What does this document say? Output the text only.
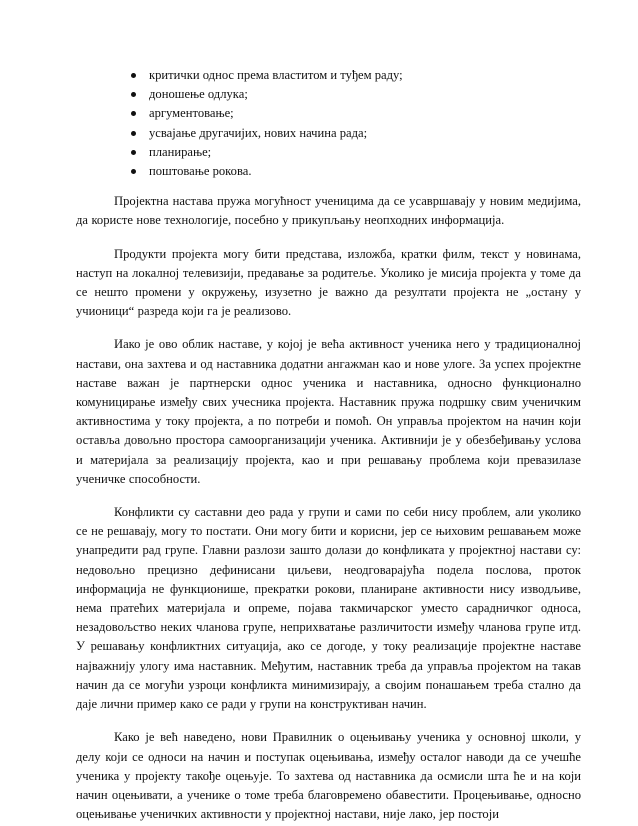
критички однос према властитом и туђем раду;
доношење одлука;
аргументовање;
усвајање другачијих, нових начина рада;
планирање;
поштовање рокова.

Пројектна настава пружа могућност ученицима да се усавршавају у новим медијима, да користе нове технологије, посебно у прикупљању неопходних информација.

Продукти пројекта могу бити представа, изложба, кратки филм, текст у новинама, наступ на локалној телевизији, предавање за родитеље. Уколико је мисија пројекта у томе да се нешто промени у окружењу, изузетно је важно да резултати пројекта не „остану у учионици“ разреда који га је реализово.

Иако је ово облик наставе, у којој је већа активност ученика него у традиционалној настави, она захтева и од наставника додатни ангажман као и нове улоге. За успех пројектне наставе важан је партнерски однос ученика и наставника, односно функционално комуницирање између свих учесника пројекта. Наставник пружа подршку свим ученичким активностима у току пројекта, а по потреби и помоћ. Он управља пројектом на начин који оставља довољно простора самоорганизацији ученика. Активнији је у обезбеђивању услова и материјала за реализацију пројекта, као и при решавању проблема који превазилазе ученичке способности.

Конфликти су саставни део рада у групи и сами по себи нису проблем, али уколико се не решавају, могу то постати. Они могу бити и корисни, јер се њиховим решавањем може унапредити рад групе. Главни разлози зашто долази до конфликата у пројектној настави су: недовољно прецизно дефинисани циљеви, неодговарајућа подела послова, проток информација не функционише, прекратки рокови, планиране активности нису изводљиве, нема пратећих материјала и опреме, појава такмичарског уместо сарадничког односа, незадовољство неких чланова групе, неприхватање различитости између чланова групе итд. У решавању конфликтних ситуација, ако се догоде, у току реализације пројектне наставе најважнију улогу има наставник. Међутим, наставник треба да управља пројектом на такав начин да се могући узроци конфликта минимизирају, а својим понашањем треба стално да даје лични пример како се ради у групи на конструктиван начин.

Како је већ наведено, нови Правилник о оцењивању ученика у основној школи, у делу који се односи на начин и поступак оцењивања, између осталог наводи да се учешће ученика у пројекту такође оцењује. То захтева од наставника да осмисли шта ће и на који начин оцењивати, а ученике о томе треба благовремено обавестити. Процењивање, односно оцењивање ученичких активности у пројектној настави, није лако, јер постоји
